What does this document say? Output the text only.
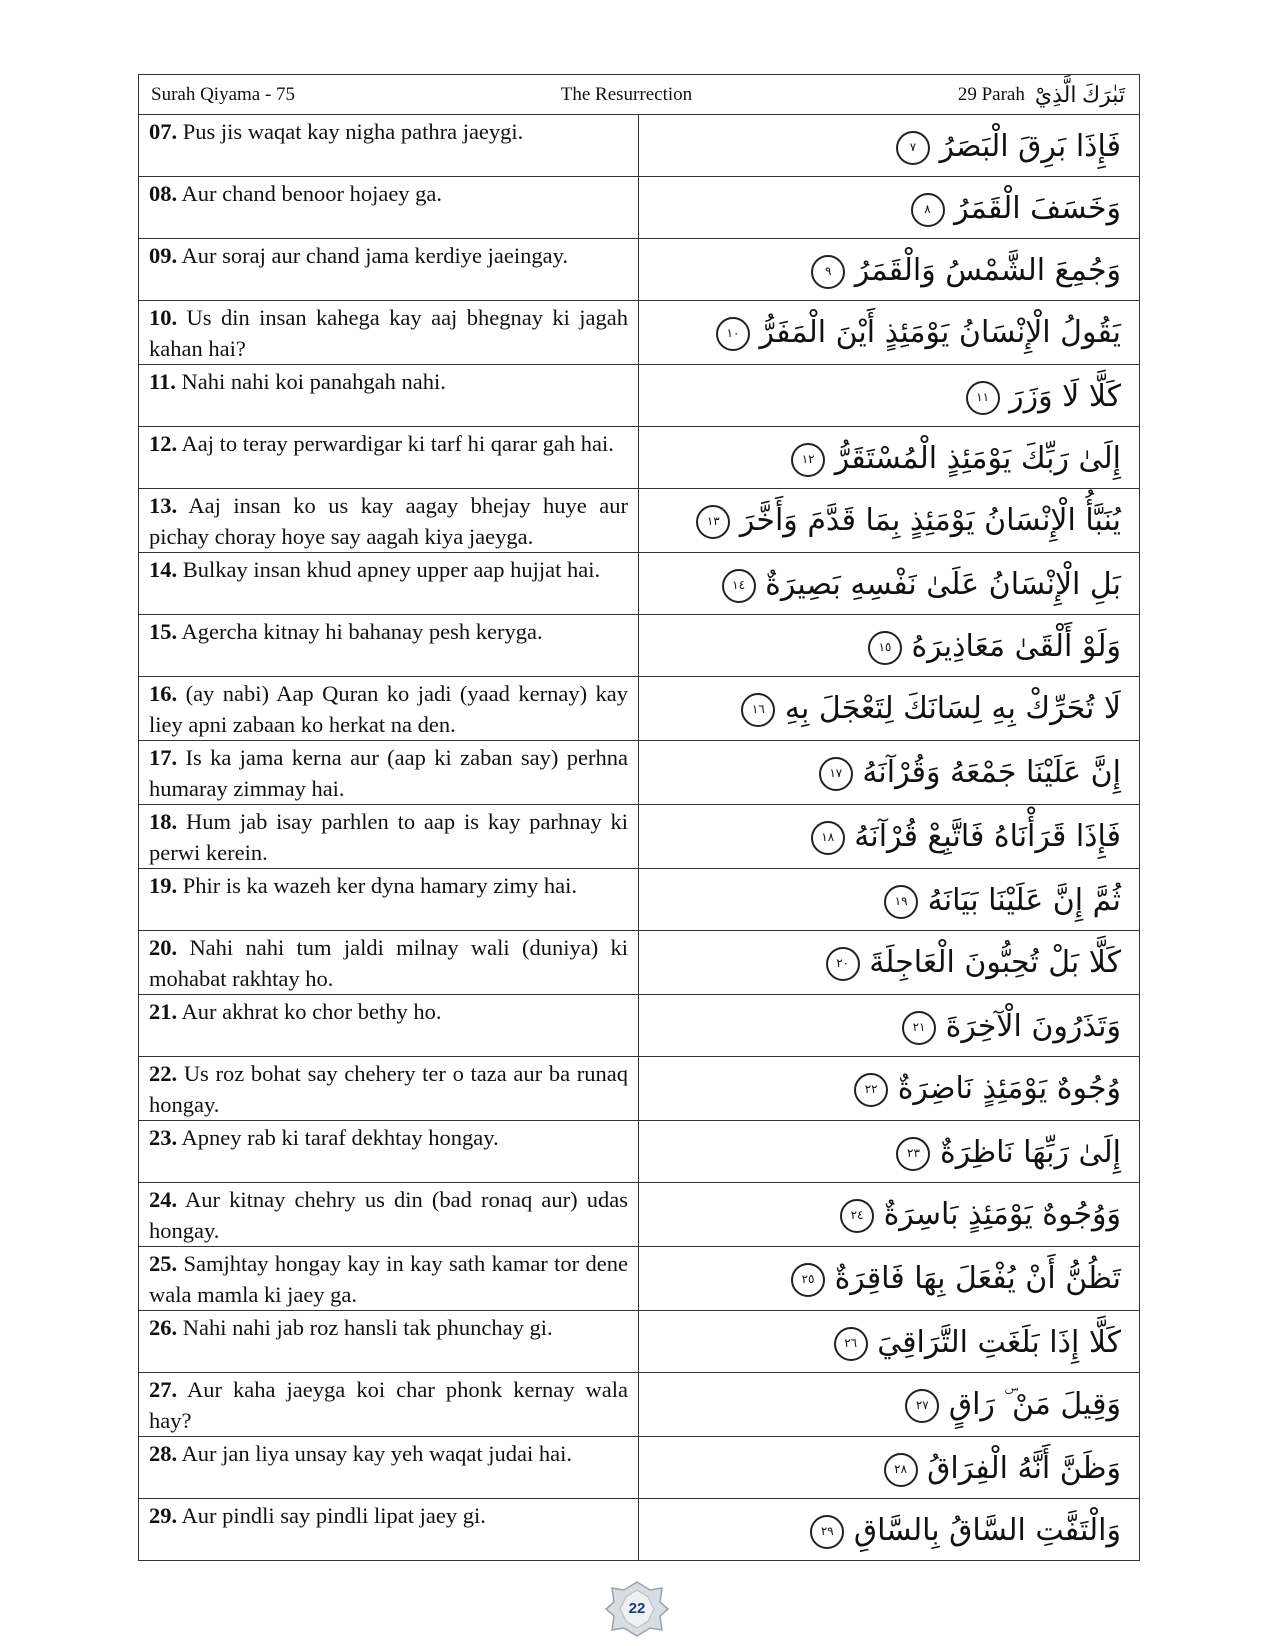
Surah Qiyama - 75 The Resurrection 29 Parah تَبٰرَكَ الَّذِيْ	

07. Pus jis waqat kay nigha pathra jaeygi.	فَإِذَا بَرِقَ الْبَصَرُ ٧

08. Aur chand benoor hojaey ga.	وَخَسَفَ الْقَمَرُ ٨

09. Aur soraj aur chand jama kerdiye jaeingay.	وَجُمِعَ الشَّمْسُ وَالْقَمَرُ ٩

10. Us din insan kahega kay aaj bhegnay ki jagah kahan hai?	يَقُولُ الْإِنْسَانُ يَوْمَئِذٍ أَيْنَ الْمَفَرُّ ١٠

11. Nahi nahi koi panahgah nahi.	كَلَّا لَا وَزَرَ ١١

12. Aaj to teray perwardigar ki tarf hi qarar gah hai.	إِلَىٰ رَبِّكَ يَوْمَئِذٍ الْمُسْتَقَرُّ ١٢

13. Aaj insan ko us kay aagay bhejay huye aur pichay choray hoye say aagah kiya jaeyga.	يُنَبَّأُ الْإِنْسَانُ يَوْمَئِذٍ بِمَا قَدَّمَ وَأَخَّرَ ١٣

14. Bulkay insan khud apney upper aap hujjat hai.	بَلِ الْإِنْسَانُ عَلَىٰ نَفْسِهِ بَصِيرَةٌ ١٤

15. Agercha kitnay hi bahanay pesh keryga.	وَلَوْ أَلْقَىٰ مَعَاذِيرَهُ ١٥

16. (ay nabi) Aap Quran ko jadi (yaad kernay) kay liey apni zabaan ko herkat na den.	لَا تُحَرِّكْ بِهِ لِسَانَكَ لِتَعْجَلَ بِهِ ١٦

17. Is ka jama kerna aur (aap ki zaban say) perhna humaray zimmay hai.	إِنَّ عَلَيْنَا جَمْعَهُ وَقُرْآنَهُ ١٧

18. Hum jab isay parhlen to aap is kay parhnay ki perwi kerein.	فَإِذَا قَرَأْنَاهُ فَاتَّبِعْ قُرْآنَهُ ١٨

19. Phir is ka wazeh ker dyna hamary zimy hai.	ثُمَّ إِنَّ عَلَيْنَا بَيَانَهُ ١٩

20. Nahi nahi tum jaldi milnay wali (duniya) ki mohabat rakhtay ho.	كَلَّا بَلْ تُحِبُّونَ الْعَاجِلَةَ ٢٠

21. Aur akhrat ko chor bethy ho.	وَتَذَرُونَ الْآخِرَةَ ٢١

22. Us roz bohat say chehery ter o taza aur ba runaq hongay.	وُجُوهٌ يَوْمَئِذٍ نَاضِرَةٌ ٢٢

23. Apney rab ki taraf dekhtay hongay.	إِلَىٰ رَبِّهَا نَاظِرَةٌ ٢٣

24. Aur kitnay chehry us din (bad ronaq aur) udas hongay.	وَوُجُوهٌ يَوْمَئِذٍ بَاسِرَةٌ ٢٤

25. Samjhtay hongay kay in kay sath kamar tor dene wala mamla ki jaey ga.	تَظُنُّ أَنْ يُفْعَلَ بِهَا فَاقِرَةٌ ٢٥

26. Nahi nahi jab roz hansli tak phunchay gi.	كَلَّا إِذَا بَلَغَتِ التَّرَاقِيَ ٢٦

27. Aur kaha jaeyga koi char phonk kernay wala hay?	وَقِيلَ مَنْ ۜ رَاقٍ ٢٧

28. Aur jan liya unsay kay yeh waqat judai hai.	وَظَنَّ أَنَّهُ الْفِرَاقُ ٢٨

29. Aur pindli say pindli lipat jaey gi.	وَالْتَفَّتِ السَّاقُ بِالسَّاقِ ٢٩
22
